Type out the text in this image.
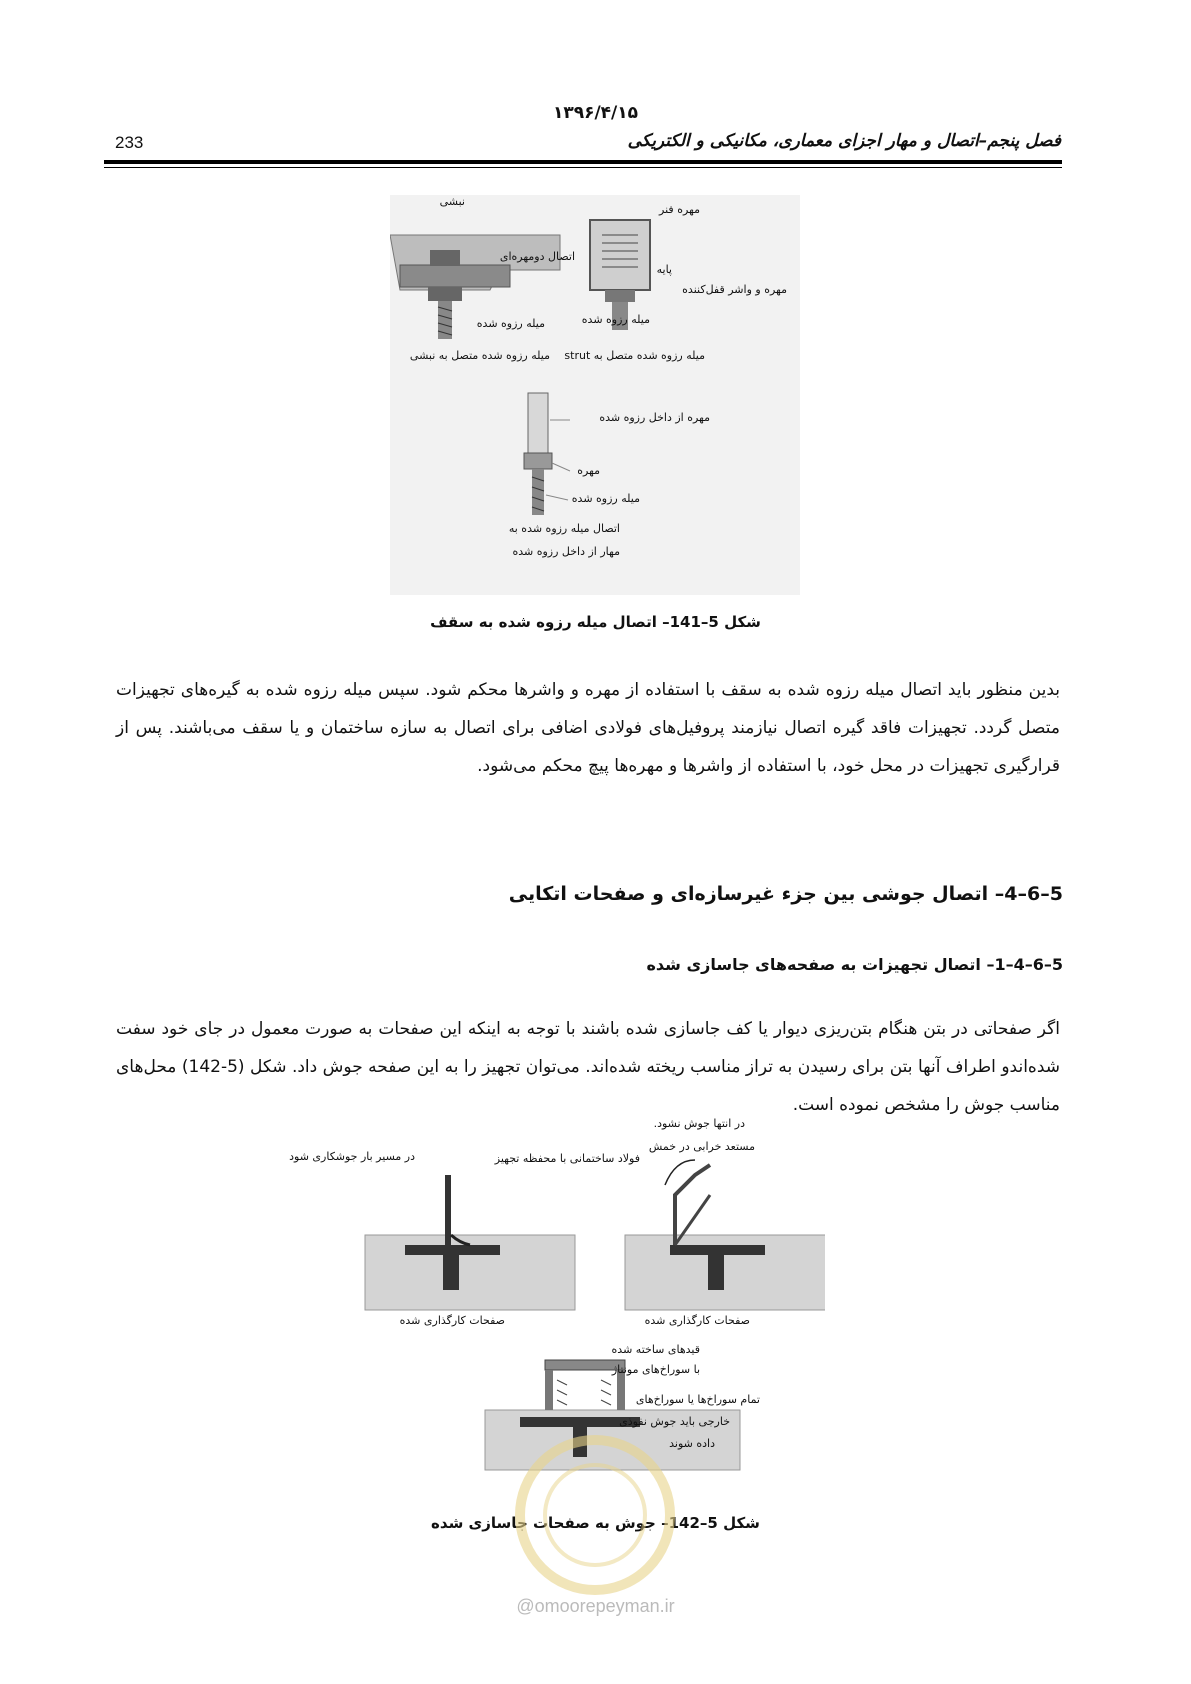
۱۳۹۶/۴/۱۵
233	فصل پنجم–اتصال و مهار اجزای معماری، مکانیکی و الکتریکی
نبشی
اتصال دومهره‌ای
میله رزوه شده
میله رزوه شده متصل به نبشی
مهره فنر
پایه
مهره و واشر قفل‌کننده
میله رزوه شده
میله رزوه شده متصل به strut
مهره از داخل رزوه شده
مهره
میله رزوه شده
اتصال میله رزوه شده به
مهار از داخل رزوه شده
شکل 5–141– اتصال میله رزوه شده به سقف
بدین منظور باید اتصال میله رزوه شده به سقف با استفاده از مهره و واشرها محکم شود. سپس میله رزوه شده به گیره‌های تجهیزات متصل گردد. تجهیزات فاقد گیره اتصال نیازمند پروفیل‌های فولادی اضافی برای اتصال به سازه ساختمان و یا سقف می‌باشند. پس از قرارگیری تجهیزات در محل خود، با استفاده از واشرها و مهره‌ها پیچ محکم می‌شود.
5–6–4– اتصال جوشی بین جزء غیرسازه‌ای و صفحات اتکایی
5–6–4–1– اتصال تجهیزات به صفحه‌های جاسازی شده
اگر صفحاتی در بتن هنگام بتن‌ریزی دیوار یا کف جاسازی شده باشند با توجه به اینکه این صفحات به صورت معمول در جای خود سفت شده‌اندو اطراف آنها بتن برای رسیدن به تراز مناسب ریخته شده‌اند. می‌توان تجهیز را به این صفحه جوش داد. شکل (5-142) محل‌های مناسب جوش را مشخص نموده است.
در مسیر بار جوشکاری شود	فولاد ساختمانی با محفظه تجهیز
صفحات کارگذاری شده
در انتها جوش نشود.
مستعد خرابی در خمش
صفحات کارگذاری شده
قیدهای ساخته شده
با سوراخ‌های مونتاژ
تمام سوراخ‌ها یا سوراخ‌های
خارجی باید جوش نفوذی
داده شوند
شکل 5–142– جوش به صفحات جاسازی شده
@omoorepeyman.ir
